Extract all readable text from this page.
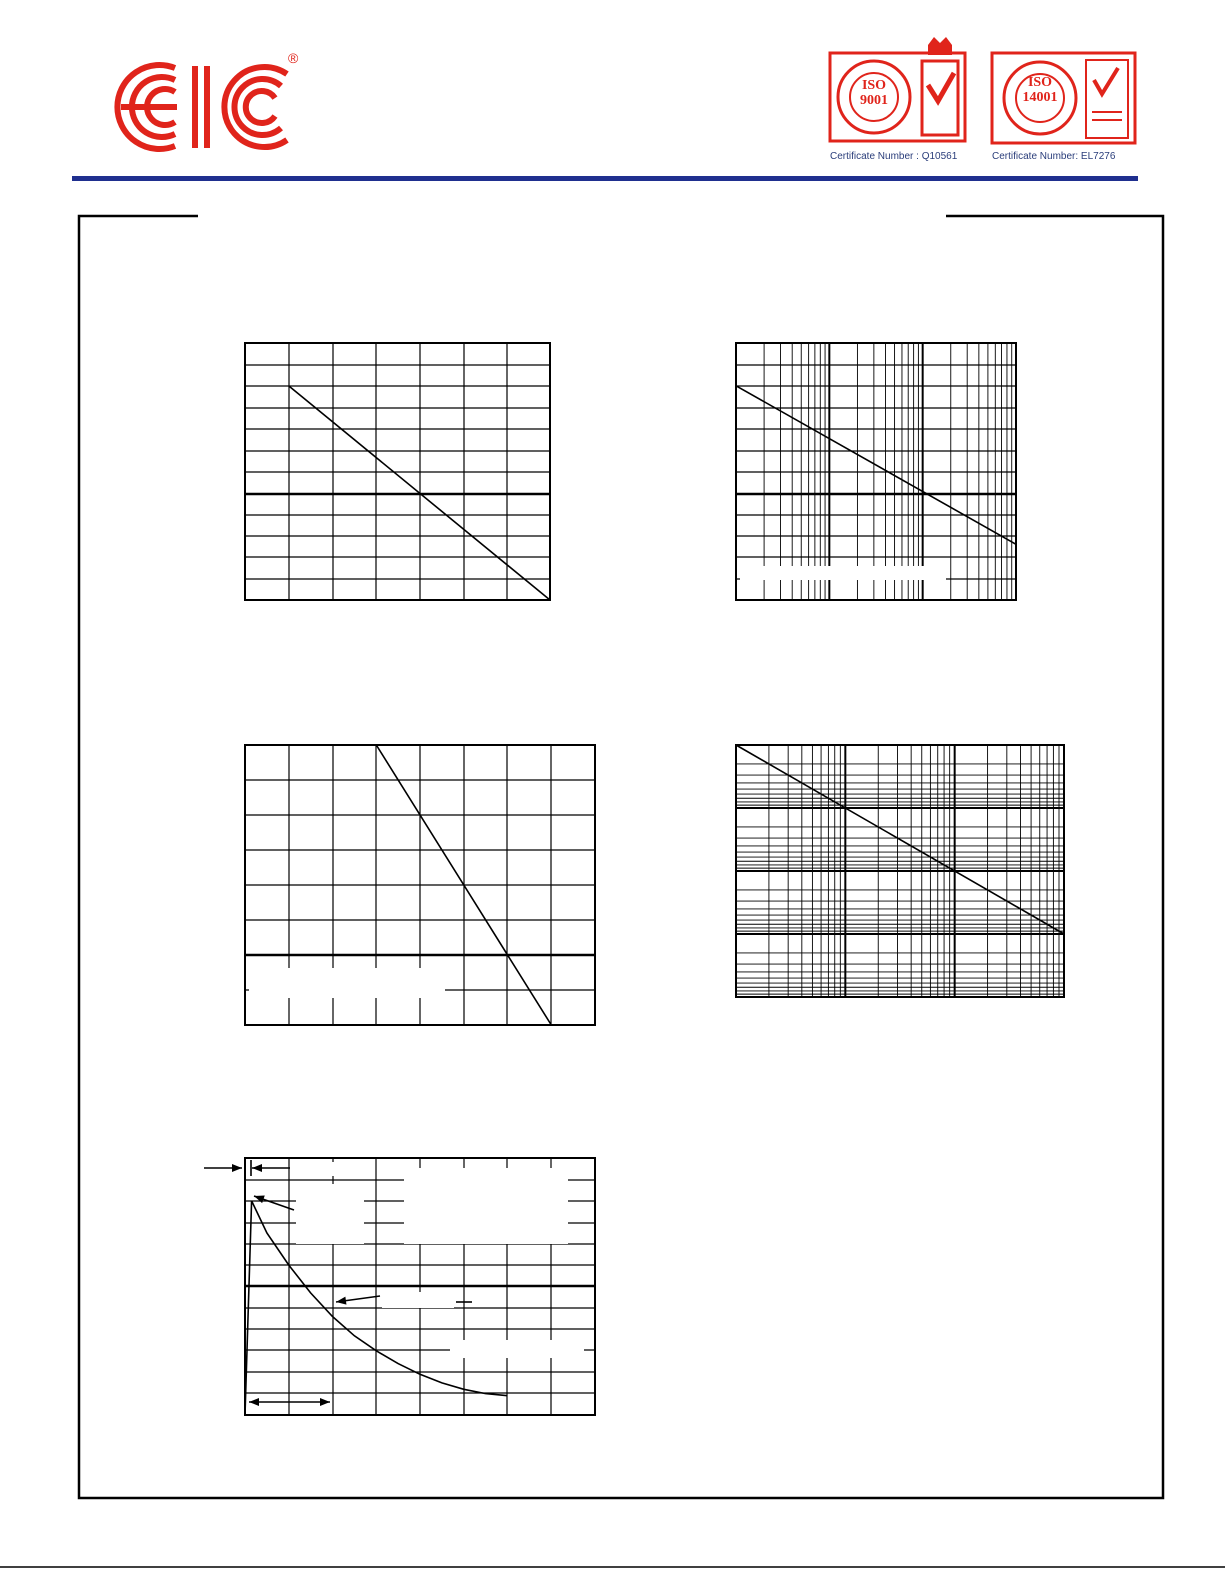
®
ISO
9001
Certificate Number : Q10561
ISO
14001
Certificate Number: EL7276
